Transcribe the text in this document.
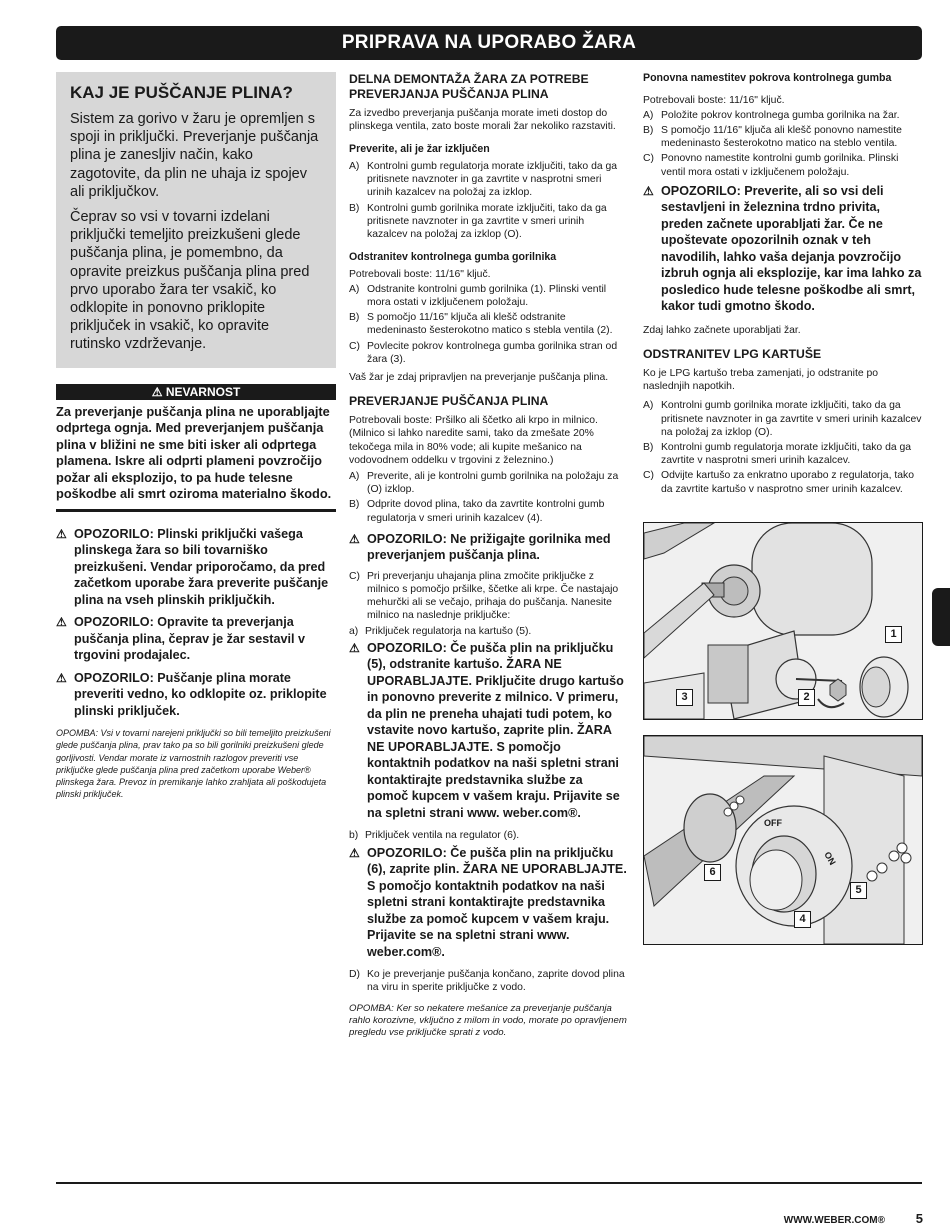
PRIPRAVA NA UPORABO ŽARA
KAJ JE PUŠČANJE PLINA?

Sistem za gorivo v žaru je opremljen s spoji in priključki. Preverjanje puščanja plina je zanesljiv način, kako zagotovite, da plin ne uhaja iz spojev ali priključkov.

Čeprav so vsi v tovarni izdelani priključki temeljito preizkušeni glede puščanja plina, je pomembno, da opravite preizkus puščanja plina pred prvo uporabo žara ter vsakič, ko odklopite in ponovno priklopite priključek in vsakič, ko opravite rutinsko vzdrževanje.

⚠ NEVARNOST
Za preverjanje puščanja plina ne uporabljajte odprtega ognja. Med preverjanjem puščanja plina v bližini ne sme biti isker ali odprtega plamena. Iskre ali odprti plameni povzročijo požar ali eksplozijo, to pa hude telesne poškodbe ali smrt oziroma materialno škodo.
⚠ OPOZORILO: Plinski priključki vašega plinskega žara so bili tovarniško preizkušeni. Vendar priporočamo, da pred začetkom uporabe žara preverite puščanje plina na vseh plinskih priključkih.
⚠ OPOZORILO: Opravite ta preverjanja puščanja plina, čeprav je žar sestavil v trgovini prodajalec.
⚠ OPOZORILO: Puščanje plina morate preveriti vedno, ko odklopite oz. priklopite plinski priključek.
OPOMBA: Vsi v tovarni narejeni priključki so bili temeljito preizkušeni glede puščanja plina, prav tako pa so bili gorilniki preizkušeni glede gorljivosti. Vendar morate iz varnostnih razlogov preveriti vse priključke glede puščanja plina pred začetkom uporabe Weber® plinskega žara. Prevoz in premikanje lahko zrahljata ali poškodujeta plinski priključek.
DELNA DEMONTAŽA ŽARA ZA POTREBE PREVERJANJA PUŠČANJA PLINA
Za izvedbo preverjanja puščanja morate imeti dostop do plinskega ventila, zato boste morali žar nekoliko razstaviti.
Preverite, ali je žar izključen
A) Kontrolni gumb regulatorja morate izključiti, tako da ga pritisnete navznoter in ga zavrtite v nasprotni smeri urinih kazalcev na položaj za izklop.
B) Kontrolni gumb gorilnika morate izključiti, tako da ga pritisnete navznoter in ga zavrtite v smeri urinih kazalcev na položaj za izklop (O).
Odstranitev kontrolnega gumba gorilnika
Potrebovali boste: 11/16" ključ.
A) Odstranite kontrolni gumb gorilnika (1). Plinski ventil mora ostati v izključenem položaju.
B) S pomočjo 11/16" ključa ali klešč odstranite medeninasto šesterokotno matico s stebla ventila (2).
C) Povlecite pokrov kontrolnega gumba gorilnika stran od žara (3).
Vaš žar je zdaj pripravljen na preverjanje puščanja plina.
PREVERJANJE PUŠČANJA PLINA
Potrebovali boste: Pršilko ali ščetko ali krpo in milnico. (Milnico si lahko naredite sami, tako da zmešate 20% tekočega mila in 80% vode; ali kupite mešanico na vodovodnem oddelku v trgovini z železnino.)
A) Preverite, ali je kontrolni gumb gorilnika na položaju za (O) izklop.
B) Odprite dovod plina, tako da zavrtite kontrolni gumb regulatorja v smeri urinih kazalcev (4).
⚠ OPOZORILO: Ne prižigajte gorilnika med preverjanjem puščanja plina.
C) Pri preverjanju uhajanja plina zmočite priključke z milnico s pomočjo pršilke, ščetke ali krpe. Če nastajajo mehurčki ali se večajo, prihaja do puščanja. Nanesite milnico na naslednje priključke:
a) Priključek regulatorja na kartušo (5).
⚠ OPOZORILO: Če pušča plin na priključku (5), odstranite kartušo. ŽARA NE UPORABLJAJTE. Priključite drugo kartušo in ponovno preverite z milnico. V primeru, da plin ne preneha uhajati tudi potem, ko vstavite novo kartušo, zaprite plin. ŽARA NE UPORABLJAJTE. S pomočjo kontaktnih podatkov na naši spletni strani kontaktirajte predstavnika službe za pomoč kupcem v vašem kraju. Prijavite se na spletni strani www. weber.com®.
b) Priključek ventila na regulator (6).
⚠ OPOZORILO: Če pušča plin na priključku (6), zaprite plin. ŽARA NE UPORABLJAJTE. S pomočjo kontaktnih podatkov na naši spletni strani kontaktirajte predstavnika službe za pomoč kupcem v vašem kraju. Prijavite se na spletni strani www. weber.com®.
D) Ko je preverjanje puščanja končano, zaprite dovod plina na viru in sperite priključke z vodo.
OPOMBA: Ker so nekatere mešanice za preverjanje puščanja rahlo korozivne, vključno z milom in vodo, morate po opravljenem pregledu vse priključke sprati z vodo.
Ponovna namestitev pokrova kontrolnega gumba
Potrebovali boste: 11/16" ključ.
A) Položite pokrov kontrolnega gumba gorilnika na žar.
B) S pomočjo 11/16" ključa ali klešč ponovno namestite medeninasto šesterokotno matico na steblo ventila.
C) Ponovno namestite kontrolni gumb gorilnika. Plinski ventil mora ostati v izključenem položaju.
⚠ OPOZORILO: Preverite, ali so vsi deli sestavljeni in železnina trdno privita, preden začnete uporabljati žar. Če ne upoštevate opozorilnih oznak v teh navodilih, lahko vaša dejanja povzročijo izbruh ognja ali eksplozije, kar ima lahko za posledico hude telesne poškodbe ali smrt, kakor tudi gmotno škodo.
Zdaj lahko začnete uporabljati žar.
ODSTRANITEV LPG KARTUŠE
Ko je LPG kartušo treba zamenjati, jo odstranite po naslednjih napotkih.
A) Kontrolni gumb gorilnika morate izključiti, tako da ga pritisnete navznoter in ga zavrtite v smeri urinih kazalcev na položaj za izklop (O).
B) Kontrolni gumb regulatorja morate izključiti, tako da ga zavrtite v nasprotni smeri urinih kazalcev.
C) Odvijte kartušo za enkratno uporabo z regulatorja, tako da zavrtite kartušo v nasprotno smer urinih kazalcev.
1
2
3
OFF
ON
4
5
6
WWW.WEBER.COM®	5
